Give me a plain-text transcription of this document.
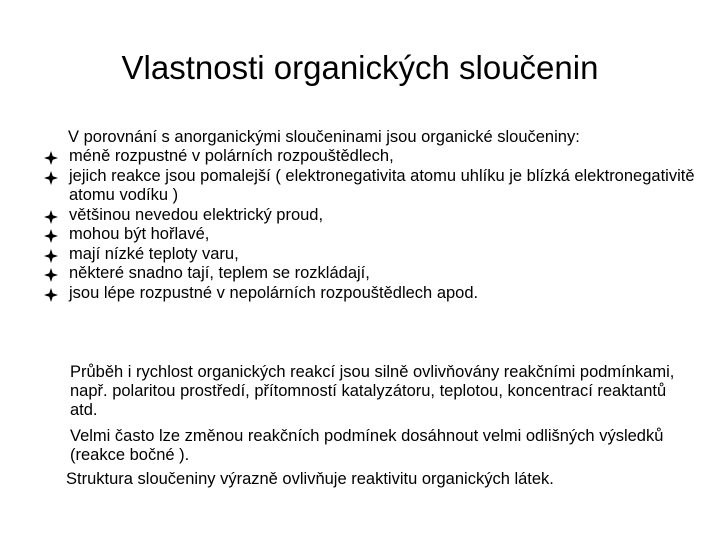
Vlastnosti organických sloučenin
V porovnání s anorganickými sloučeninami jsou organické sloučeniny:
méně rozpustné v polárních rozpouštědlech,
jejich reakce jsou pomalejší ( elektronegativita atomu uhlíku je blízká elektronegativitě atomu vodíku )
většinou nevedou elektrický proud,
mohou být hořlavé,
mají nízké teploty varu,
některé snadno tají, teplem se rozkládají,
jsou lépe rozpustné v nepolárních rozpouštědlech apod.
Průběh i rychlost organických reakcí jsou silně ovlivňovány reakčními podmínkami, např. polaritou prostředí, přítomností katalyzátoru, teplotou, koncentrací reaktantů atd.
Velmi často lze změnou reakčních podmínek dosáhnout velmi odlišných výsledků (reakce bočné ).
Struktura sloučeniny výrazně ovlivňuje reaktivitu organických látek.
